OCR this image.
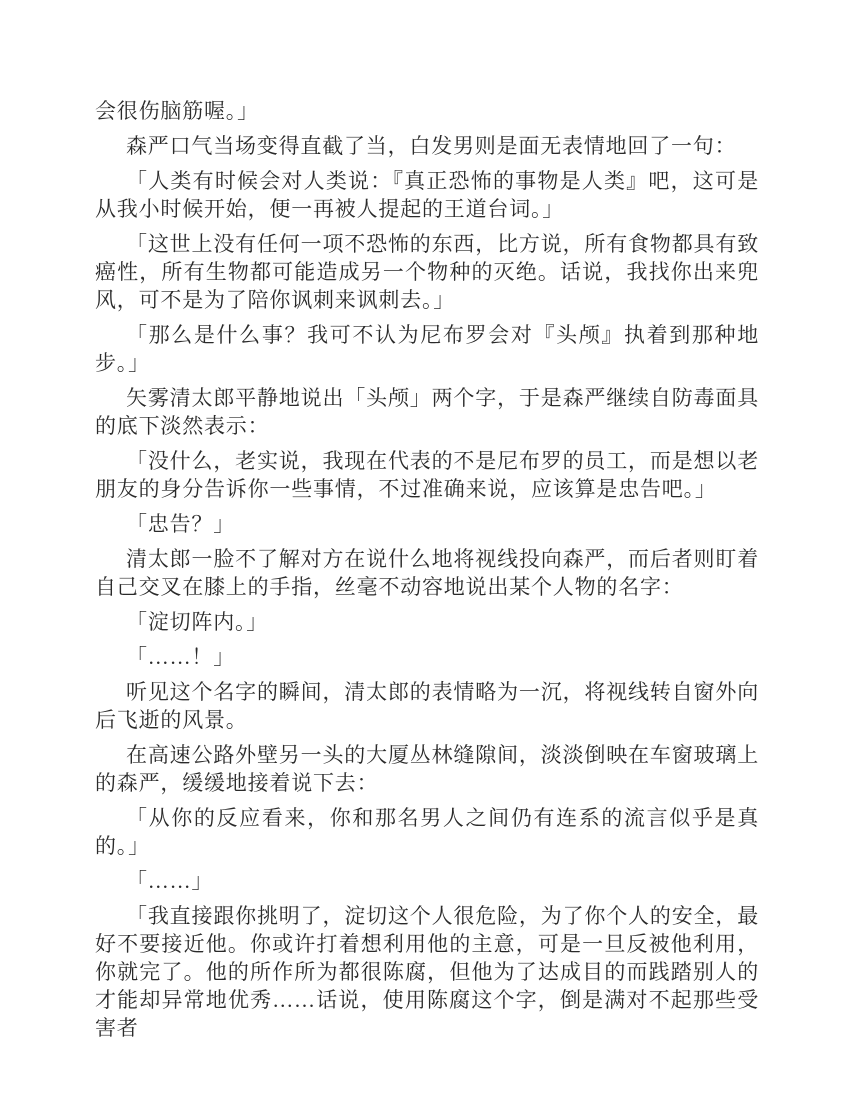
会很伤脑筋喔。」

森严口气当场变得直截了当，白发男则是面无表情地回了一句：

「人类有时候会对人类说：『真正恐怖的事物是人类』吧，这可是从我小时候开始，便一再被人提起的王道台词。」

「这世上没有任何一项不恐怖的东西，比方说，所有食物都具有致癌性，所有生物都可能造成另一个物种的灭绝。话说，我找你出来兜风，可不是为了陪你讽刺来讽刺去。」

「那么是什么事？我可不认为尼布罗会对『头颅』执着到那种地步。」

矢雾清太郎平静地说出「头颅」两个字，于是森严继续自防毒面具的底下淡然表示：

「没什么，老实说，我现在代表的不是尼布罗的员工，而是想以老朋友的身分告诉你一些事情，不过准确来说，应该算是忠告吧。」

「忠告？」

清太郎一脸不了解对方在说什么地将视线投向森严，而后者则盯着自己交叉在膝上的手指，丝毫不动容地说出某个人物的名字：

「淀切阵内。」

「……！」

听见这个名字的瞬间，清太郎的表情略为一沉，将视线转自窗外向后飞逝的风景。

在高速公路外壁另一头的大厦丛林缝隙间，淡淡倒映在车窗玻璃上的森严，缓缓地接着说下去：

「从你的反应看来，你和那名男人之间仍有连系的流言似乎是真的。」

「……」

「我直接跟你挑明了，淀切这个人很危险，为了你个人的安全，最好不要接近他。你或许打着想利用他的主意，可是一旦反被他利用，你就完了。他的所作所为都很陈腐，但他为了达成目的而践踏别人的才能却异常地优秀……话说，使用陈腐这个字，倒是满对不起那些受害者
